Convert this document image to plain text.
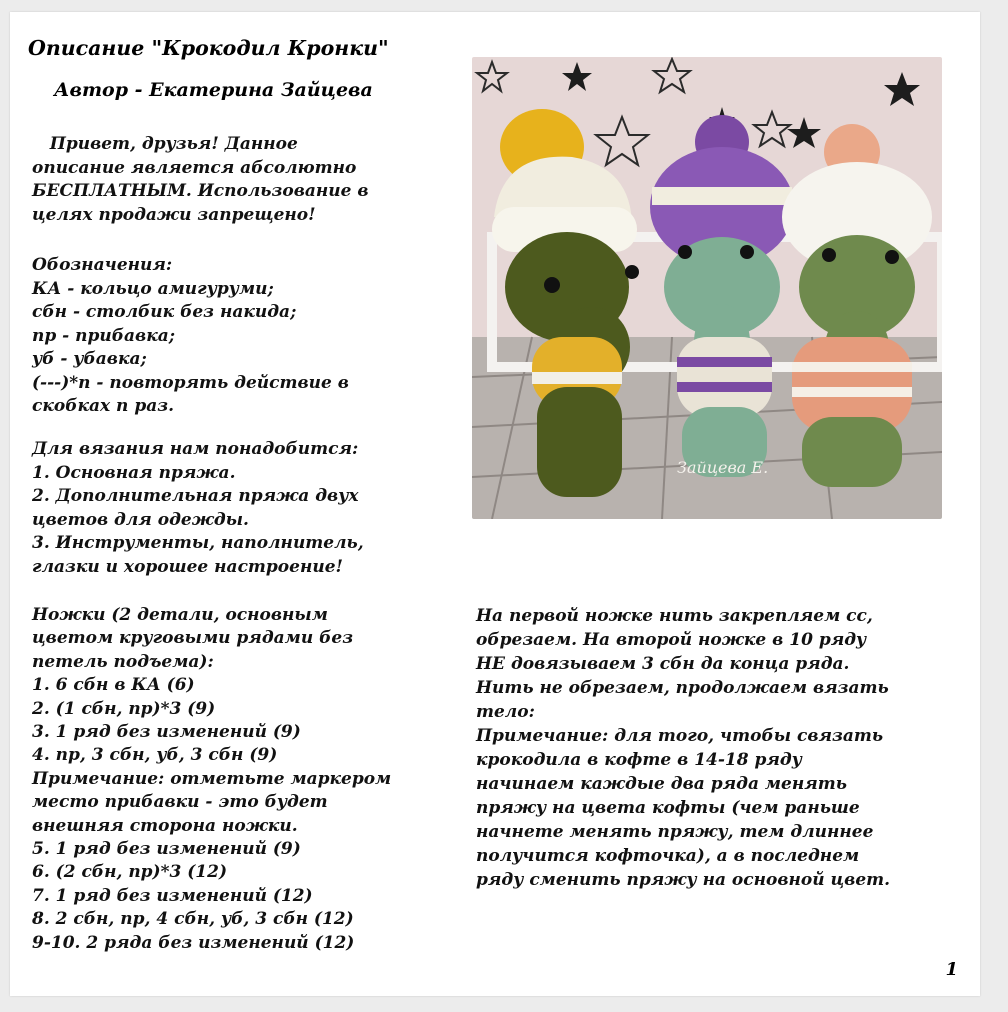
Описание "Крокодил Кронки"
Автор - Екатерина Зайцева
Привет, друзья! Данное
описание является абсолютно
БЕСПЛАТНЫМ. Использование в
целях продажи запрещено!
Обозначения:
КА - кольцо амигуруми;
сбн - столбик без накида;
пр - прибавка;
уб - убавка;
(---)*n - повторять действие в
скобках n раз.
Для вязания нам понадобится:
1. Основная пряжа.
2. Дополнительная пряжа двух
цветов для одежды.
3. Инструменты, наполнитель,
глазки и хорошее настроение!
Ножки (2 детали, основным
цветом круговыми рядами без
петель подъема):
1. 6 сбн в КА (6)
2. (1 сбн, пр)*3 (9)
3. 1 ряд без изменений (9)
4. пр, 3 сбн, уб, 3 сбн (9)
Примечание: отметьте маркером
место прибавки - это будет
внешняя сторона ножки.
5. 1 ряд без изменений (9)
6. (2 сбн, пр)*3 (12)
7. 1 ряд без изменений (12)
8. 2 сбн, пр, 4 сбн, уб, 3 сбн (12)
9-10. 2 ряда без изменений (12)
На первой ножке нить закрепляем сс,
обрезаем. На второй ножке в 10 ряду
НЕ довязываем 3 сбн да конца ряда.
Нить не обрезаем, продолжаем вязать
тело:
Примечание: для того, чтобы связать
крокодила в кофте в 14-18 ряду
начинаем каждые два ряда менять
пряжу на цвета кофты (чем раньше
начнете менять пряжу, тем длиннее
получится кофточка), а в последнем
ряду сменить пряжу на основной цвет.
Зайцева Е.
1
